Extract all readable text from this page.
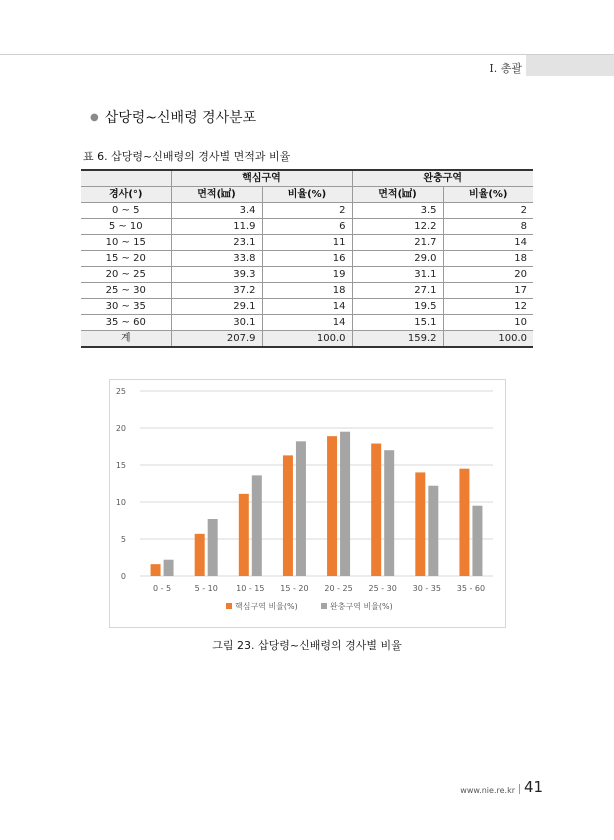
I. 총괄
● 삽당령~신배령 경사분포
표 6. 삽당령~신배령의 경사별 면적과 비율
	핵심구역		완충구역	
경사(°)	면적(㎢)	비율(%)	면적(㎢)	비율(%)
0 ~ 5	3.4	2	3.5	2
5 ~ 10	11.9	6	12.2	8
10 ~ 15	23.1	11	21.7	14
15 ~ 20	33.8	16	29.0	18
20 ~ 25	39.3	19	31.1	20
25 ~ 30	37.2	18	27.1	17
30 ~ 35	29.1	14	19.5	12
35 ~ 60	30.1	14	15.1	10
계	207.9	100.0	159.2	100.0
0
5
10
15
20
25
0 - 5	5 - 10 10 - 15 15 - 20 20 - 25 25 - 30 30 - 35 35 - 60
핵심구역 비율(%)	완충구역 비율(%)
그림 23. 삽당령~신배령의 경사별 비율
www.nie.re.kr 41
